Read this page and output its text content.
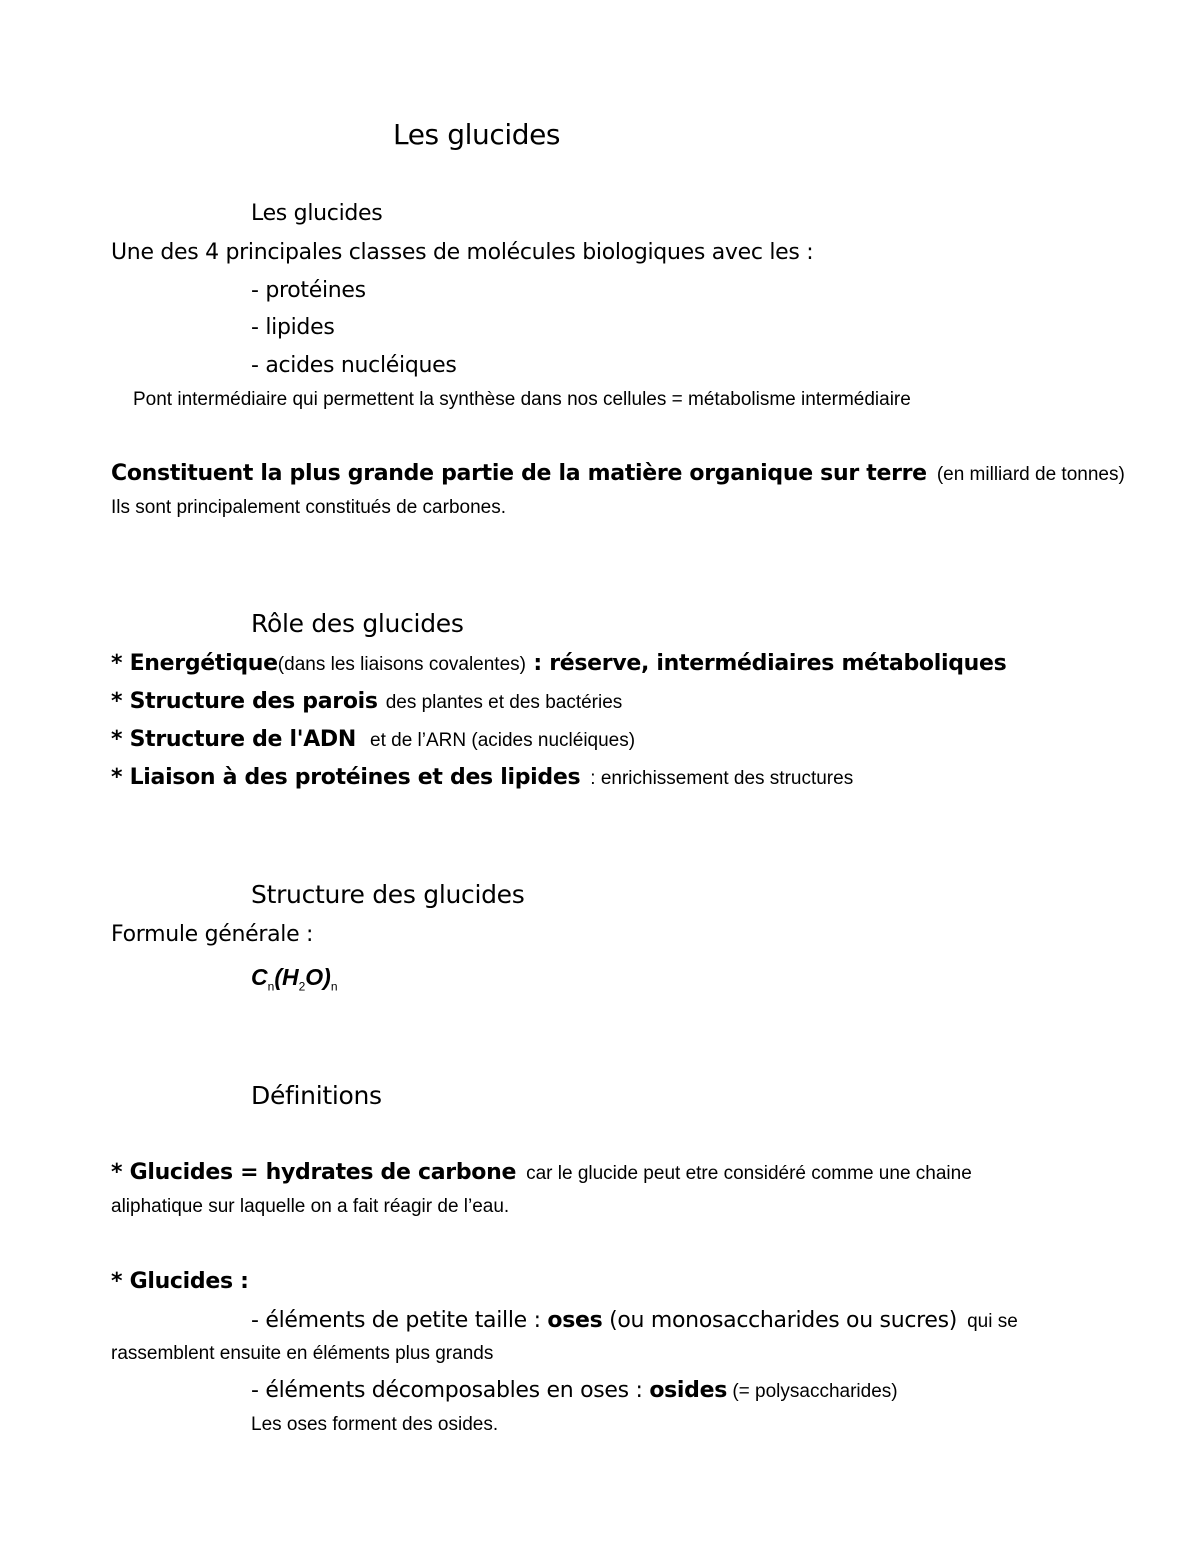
Les glucides
Les glucides
Une des 4 principales classes de molécules biologiques avec les :
- protéines
- lipides
- acides nucléiques
Pont intermédiaire qui permettent la synthèse dans nos cellules = métabolisme intermédiaire
Constituent la plus grande partie de la matière organique sur terre (en milliard de tonnes)
Ils sont principalement constitués de carbones.
Rôle des glucides
* Energétique(dans les liaisons covalentes) : réserve, intermédiaires métaboliques
* Structure des parois des plantes et des bactéries
* Structure de l'ADN et de l’ARN (acides nucléiques)
* Liaison à des protéines et des lipides : enrichissement des structures
Structure des glucides
Formule générale :
$C_n(H_2O)_n$
Définitions
* Glucides = hydrates de carbone car le glucide peut etre considéré comme une chaine
aliphatique sur laquelle on a fait réagir de l’eau.
* Glucides :
- éléments de petite taille : oses (ou monosaccharides ou sucres) qui se
rassemblent ensuite en éléments plus grands
- éléments décomposables en oses : osides (= polysaccharides)
Les oses forment des osides.
